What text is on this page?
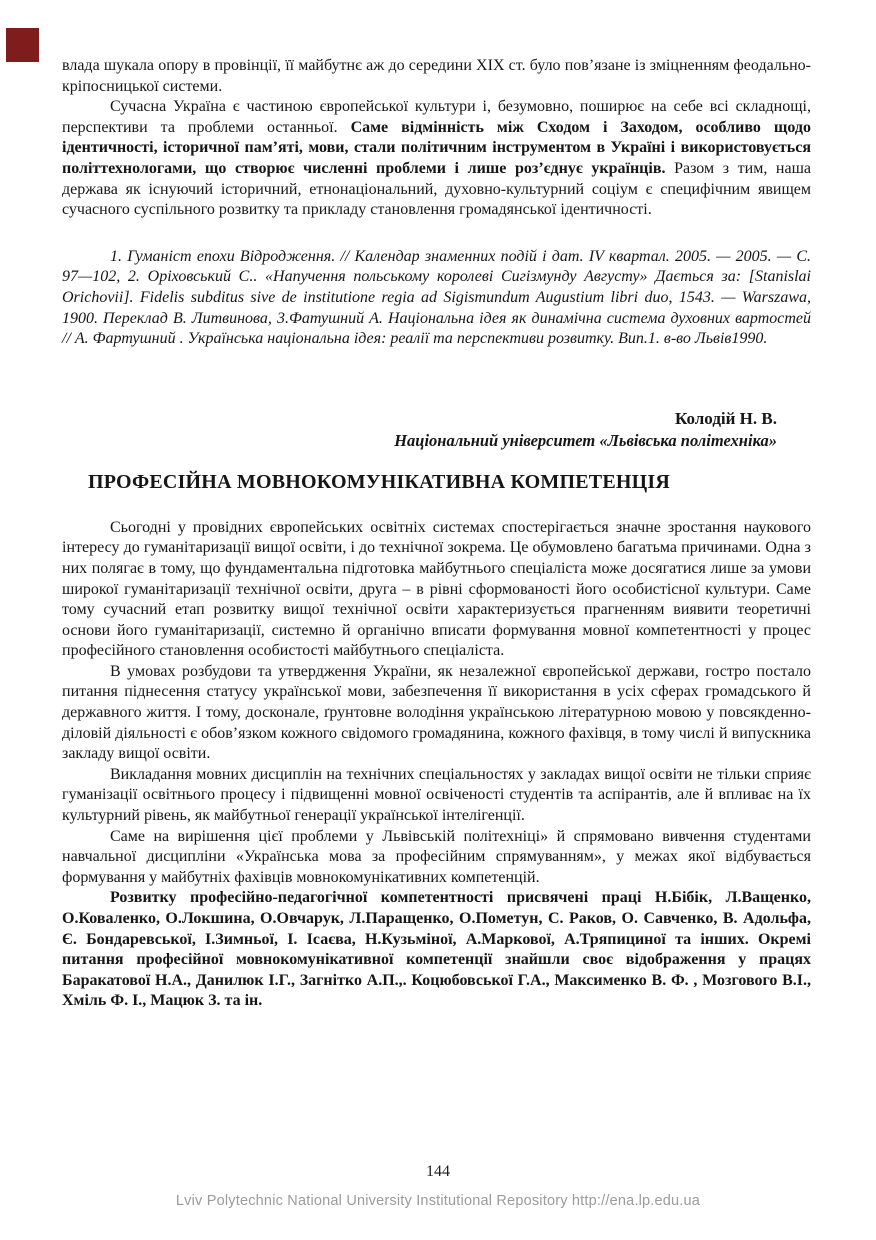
влада шукала опору в провінції, її майбутнє аж до середини XIX ст. було пов’язане із зміцненням феодально-кріпосницької системи.

Сучасна Україна є частиною європейської культури і, безумовно, поширює на себе всі складнощі, перспективи та проблеми останньої. Саме відмінність між Сходом і Заходом, особливо щодо ідентичності, історичної пам’яті, мови, стали політичним інструментом в Україні і використовується політтехнологами, що створює численні проблеми і лише роз’єднує українців. Разом з тим, наша держава як існуючий історичний, етнонаціональний, духовно-культурний соціум є специфічним явищем сучасного суспільного розвитку та прикладу становлення громадянської ідентичності.

1. Гуманіст епохи Відродження. // Календар знаменних подій і дат. IV квартал. 2005. — 2005. — С. 97—102, 2. Оріховський С.. «Напучення польському королеві Сигізмунду Августу» Дається за: [Stanislai Orichovii]. Fidelis subditus sive de institutione regia ad Sigismundum Augustium libri duo, 1543. — Warszawa, 1900. Переклад В. Литвинова, 3.Фатушний А. Національна ідея як динамічна система духовних вартостей // А. Фартушний . Українська національна ідея: реалії та перспективи розвитку. Вип.1. в-во Львів1990.

Колодій Н. В.
Національний університет «Львівська політехніка»
ПРОФЕСІЙНА МОВНОКОМУНІКАТИВНА КОМПЕТЕНЦІЯ

Сьогодні у провідних європейських освітніх системах спостерігається значне зростання наукового інтересу до гуманітаризації вищої освіти, і до технічної зокрема. Це обумовлено багатьма причинами. Одна з них полягає в тому, що фундаментальна підготовка майбутнього спеціаліста може досягатися лише за умови широкої гуманітаризації технічної освіти, друга – в рівні сформованості його особистісної культури. Саме тому сучасний етап розвитку вищої технічної освіти характеризується прагненням виявити теоретичні основи його гуманітаризації, системно й органічно вписати формування мовної компетентності у процес професійного становлення особистості майбутнього спеціаліста.

В умовах розбудови та утвердження України, як незалежної європейської держави, гостро постало питання піднесення статусу української мови, забезпечення її використання в усіх сферах громадського й державного життя. І тому, досконале, ґрунтовне володіння українською літературною мовою у повсякденно-діловій діяльності є обов’язком кожного свідомого громадянина, кожного фахівця, в тому числі й випускника закладу вищої освіти.

Викладання мовних дисциплін на технічних спеціальностях у закладах вищої освіти не тільки сприяє гуманізації освітнього процесу і підвищенні мовної освіченості студентів та аспірантів, але й впливає на їх культурний рівень, як майбутньої генерації української інтелігенції.

Саме на вирішення цієї проблеми у Львівській політехніці» й спрямовано вивчення студентами навчальної дисципліни «Українська мова за професійним спрямуванням», у межах якої відбувається формування у майбутніх фахівців мовнокомунікативних компетенцій.

Розвитку професійно-педагогічної компетентності присвячені праці Н.Бібік, Л.Ващенко, О.Коваленко, О.Локшина, О.Овчарук, Л.Паращенко, О.Пометун, С. Раков, О. Савченко, В. Адольфа, Є. Бондаревської, І.Зимньої, І. Ісаєва, Н.Кузьміної, А.Маркової, А.Тряпициної та інших. Окремі питання професійної мовнокомунікативної компетенції знайшли своє відображення у працях Баракатової Н.А., Данилюк І.Г., Загнітко А.П.,. Коцюбовської Г.А., Максименко В. Ф. , Мозгового В.І., Хміль Ф. І., Мацюк З. та ін.

144
Lviv Polytechnic National University Institutional Repository http://ena.lp.edu.ua
